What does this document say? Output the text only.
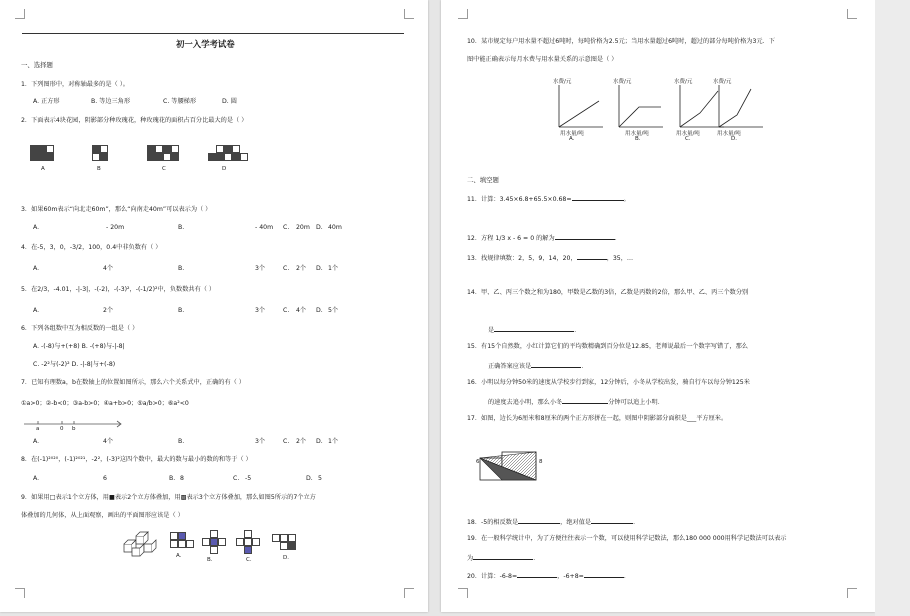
初一入学考试卷
一、选择题
1．下列图形中，对称轴最多的是（ ）。
A. 正方形	B. 等边三角形	C. 等腰梯形	D. 圆
2．下面表示4块花园，阴影部分种玫瑰花，种玫瑰花的面积占百分比最大的是（ ）
A	B	C	D
3．如果60m表示“向北走60m”，那么“向南走40m”可以表示为（ ）
A.	- 20m	B.	- 40m C. 20m D. 40m
4．在-5，3，0，-3/2，100，0.4中非负数有（ ）
A.	4个	B.	3个	C. 2个 D. 1个
5．在2/3，-4.01，-|-3|，-(-2)，-(-3)²，-(-1/2)²中，负数数共有（ ）
A.	2个	B.	3个	C. 4个 D. 5个
6．下列各组数中互为相反数的一组是（ ）
A. -(-8)与+(+8) B. -(+8)与-|-8|
C. -2²与(-2)² D. -|-8|与+(-8)
7．已知有理数a，b在数轴上的位置如图所示，那么六个关系式中，正确的有（ ）
①a>0；②-b<0；③a-b>0；④a+b>0；⑤a/b>0；⑥a²<0
a	0 b
A.	4个	B.	3个	C. 2个 D. 1个
8．在(-1)²⁰²⁰，(-1)²⁰²¹，-2²，(-3)²这四个数中，最大的数与最小的数的和等于（ ）
A.	6	B. 8	C. -5	D. 5
9．如果用□表示1个立方体，用■表示2个立方体叠加，用▩表示3个立方体叠加，那么如图5所示的7个立方
体叠加的几何体，从上面观察，画出的平面图形应该是（ ）
A.
B.	C.	D.
10．某市规定每户用水量不超过6吨时，每吨价格为2.5元；当用水量超过6吨时，超过的部分每吨价格为3元．下
图中能正确表示每月水费与用水量关系的示意图是（ ）
水费/元
用水量/吨
A.
水费/元
用水量/吨
B.
水费/元
用水量/吨
C.
水费/元
用水量/吨
D.
二、填空题
11．计算：3.45×6.8+65.5×0.68=	。
12．方程 1/3 x - 6 = 0 的解为	．
13．找规律填数：2，5，9，14，20，	，35，…
14．甲、乙、丙三个数之和为180，甲数是乙数的3倍，乙数是丙数的2倍，那么甲、乙、丙三个数分别
是	．
15．有15个自然数，小红计算它们的平均数精确到百分位是12.85，老师说最后一个数字写错了，那么
正确答案应该是	．
16．小明以每分钟50米的速度从学校步行到家，12分钟后，小冬从学校出发，骑自行车以每分钟125米
的速度去追小明，那么小冬	分钟可以追上小明．
17．如图，边长为6厘米和8厘米的两个正方形拼在一起，则图中阴影部分面积是___平方厘米。
6	8
18．-5的相反数是	，绝对值是	．
19．在一般科学统计中，为了方便往往表示一个数，可以使用科学记数法，那么180 000 000用科学记数法可以表示
为	．
20．计算：-6-8=	，-6+8=	．
